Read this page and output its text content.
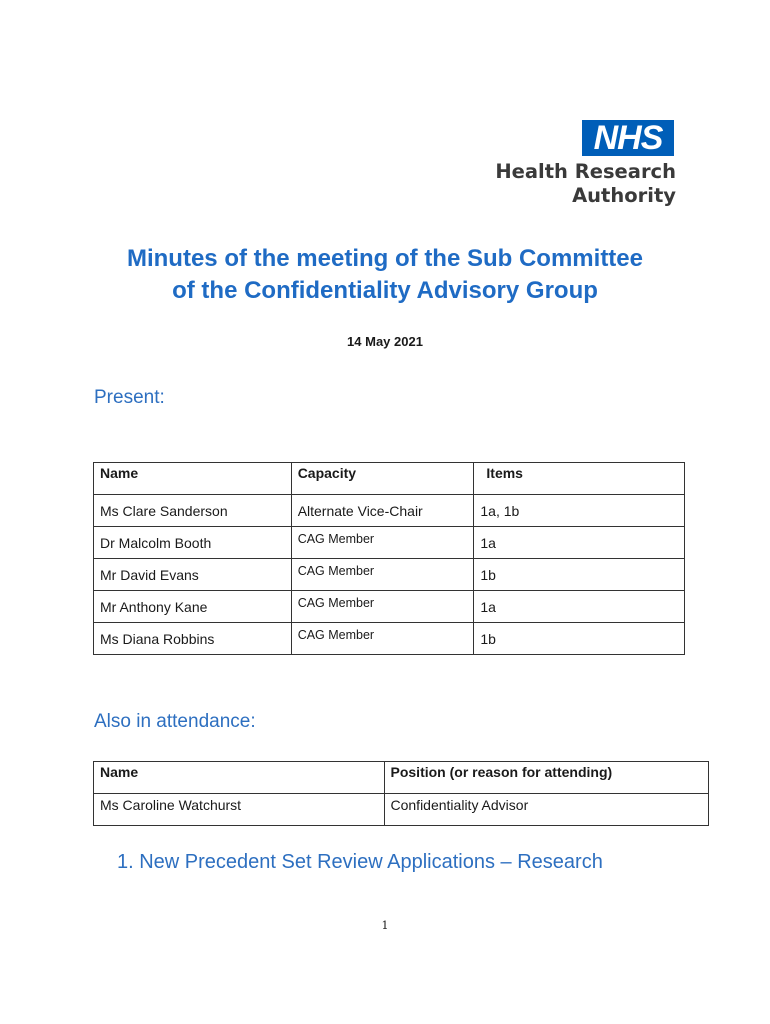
NHS
Health Research
Authority
Minutes of the meeting of the Sub Committee
of the Confidentiality Advisory Group
14 May 2021
Present:
Name	Capacity	Items
Ms Clare Sanderson	Alternate Vice-Chair	1a, 1b
Dr Malcolm Booth	CAG Member	1a
Mr David Evans	CAG Member	1b
Mr Anthony Kane	CAG Member	1a
Ms Diana Robbins	CAG Member	1b
Also in attendance:
Name	Position (or reason for attending)
Ms Caroline Watchurst	Confidentiality Advisor
1. New Precedent Set Review Applications – Research
1
